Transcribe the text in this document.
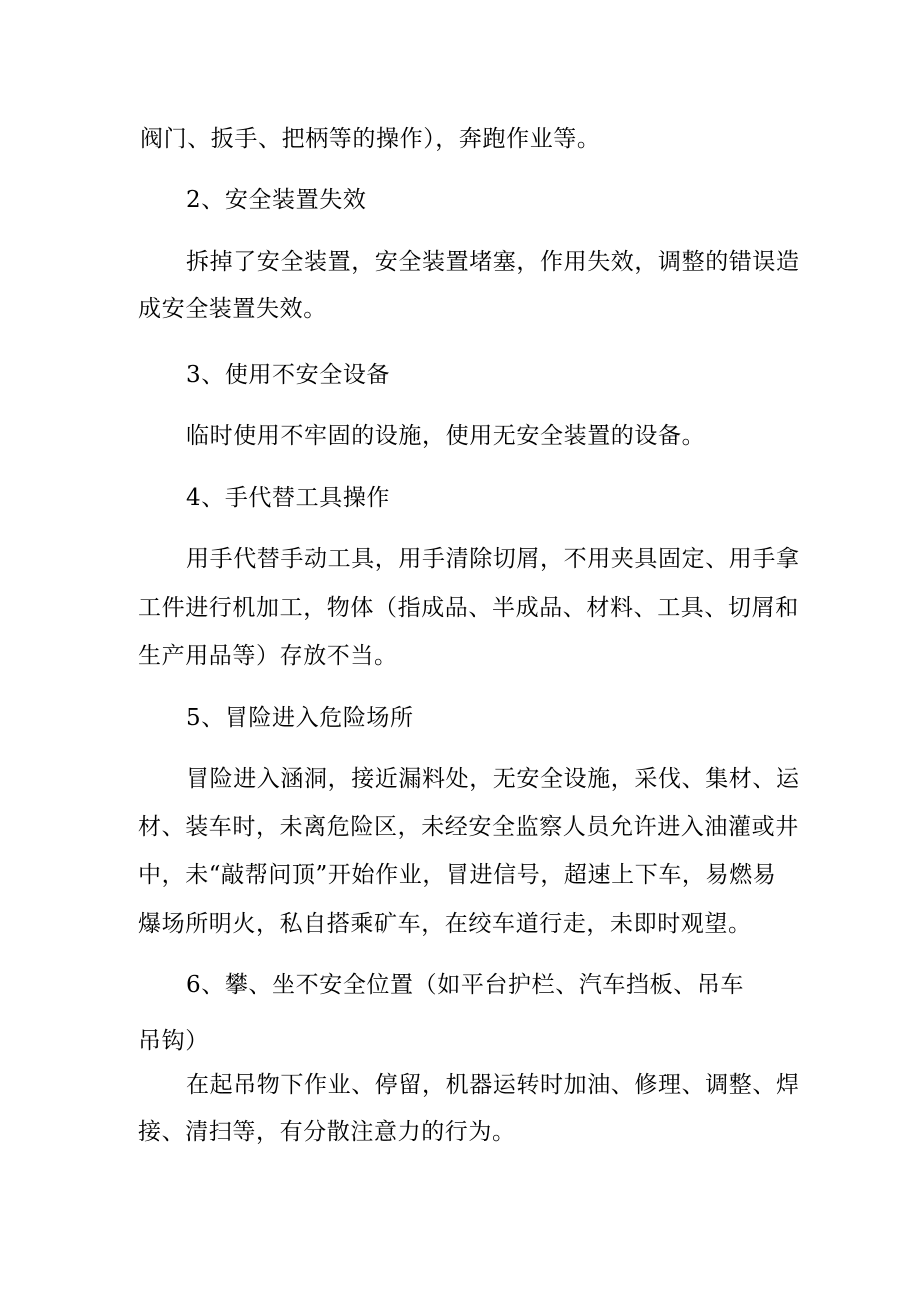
阀门、扳手、把柄等的操作），奔跑作业等。

2、安全装置失效

拆掉了安全装置，安全装置堵塞，作用失效，调整的错误造

成安全装置失效。

3、使用不安全设备

临时使用不牢固的设施，使用无安全装置的设备。

4、手代替工具操作

用手代替手动工具，用手清除切屑，不用夹具固定、用手拿

工件进行机加工，物体（指成品、半成品、材料、工具、切屑和

生产用品等）存放不当。

5、冒险进入危险场所

冒险进入涵洞，接近漏料处，无安全设施，采伐、集材、运

材、装车时，未离危险区，未经安全监察人员允许进入油灌或井

中，未“敲帮问顶”开始作业，冒进信号，超速上下车，易燃易

爆场所明火，私自搭乘矿车，在绞车道行走，未即时观望。

6、攀、坐不安全位置（如平台护栏、汽车挡板、吊车

吊钩）

在起吊物下作业、停留，机器运转时加油、修理、调整、焊

接、清扫等，有分散注意力的行为。
